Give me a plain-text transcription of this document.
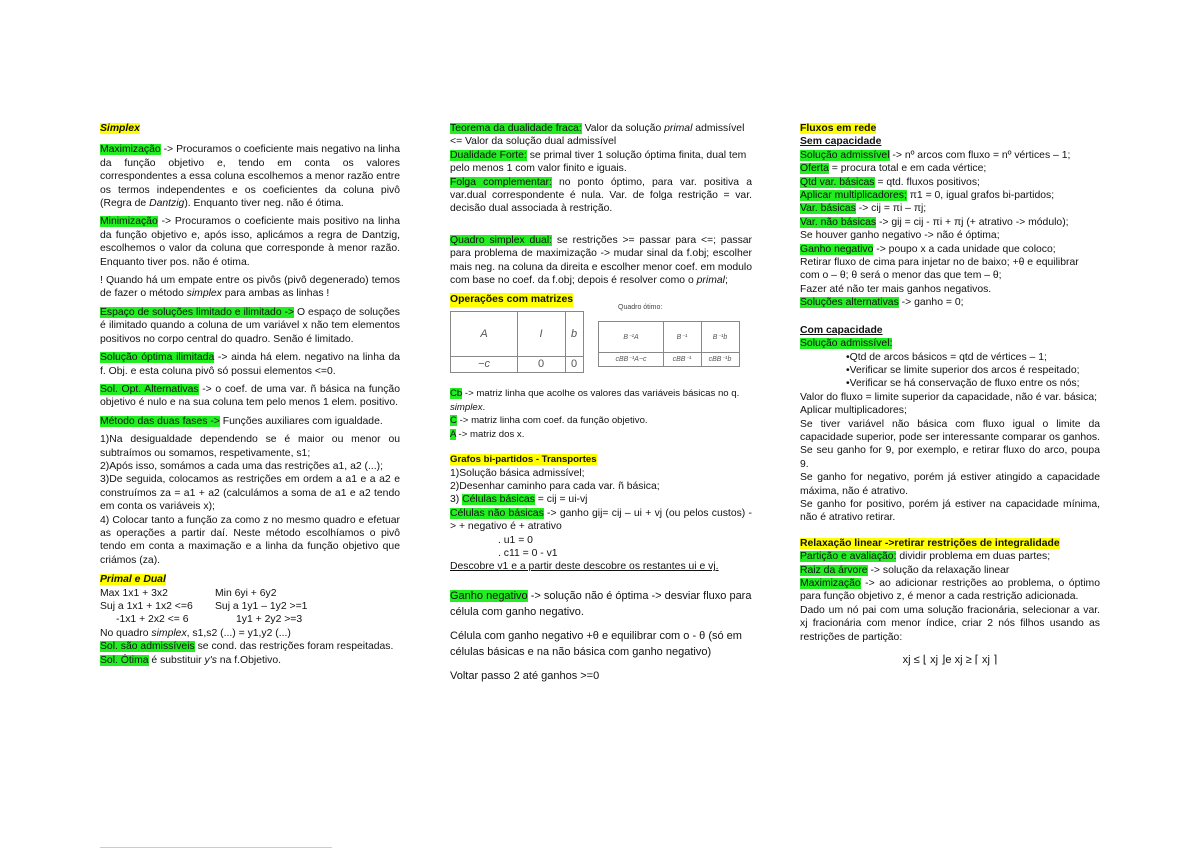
Simplex

Maximização -> Procuramos o coeficiente mais negativo na linha da função objetivo e, tendo em conta os valores correspondentes a essa coluna escolhemos a menor razão entre os termos independentes e os coeficientes da coluna pivô (Regra de Dantzig). Enquanto tiver neg. não é ótima.

Minimização -> Procuramos o coeficiente mais positivo na linha da função objetivo e, após isso, aplicámos a regra de Dantzig, escolhemos o valor da coluna que corresponde à menor razão. Enquanto tiver pos. não é otima.

! Quando há um empate entre os pivôs (pivô degenerado) temos de fazer o método simplex para ambas as linhas !

Espaço de soluções limitado e ilimitado -> O espaço de soluções é ilimitado quando a coluna de um variável x não tem elementos positivos no corpo central do quadro. Senão é limitado.

Solução óptima ilimitada -> ainda há elem. negativo na linha da f. Obj. e esta coluna pivô só possui elementos <=0.

Sol. Opt. Alternativas -> o coef. de uma var. ñ básica na função objetivo é nulo e na sua coluna tem pelo menos 1 elem. positivo.

Método das duas fases -> Funções auxiliares com igualdade.

1)Na desigualdade dependendo se é maior ou menor ou subtraímos ou somamos, respetivamente, s1;

2)Após isso, somámos a cada uma das restrições a1, a2 (...);

3)De seguida, colocamos as restrições em ordem a a1 e a a2 e construímos za = a1 + a2 (calculámos a soma de a1 e a2 tendo em conta os variáveis x);

4) Colocar tanto a função za como z no mesmo quadro e efetuar as operações a partir daí. Neste método escolhíamos o pivô tendo em conta a maximação e a linha da função objetivo que criámos (za).

Primal e Dual

Max 1x1 + 3x2	Min 6yi + 6y2
Suj a 1x1 + 1x2 <=6 Suj a 1y1 – 1y2 >=1
-1x1 + 2x2 <= 6	1y1 + 2y2 >=3

No quadro simplex, s1,s2 (...) = y1,y2 (...)

Sol. são admissíveis se cond. das restrições foram respeitadas.

Sol. Ótima é substituir y's na f.Objetivo.

Teorema da dualidade fraca: Valor da solução primal admissível <= Valor da solução dual admissível

Dualidade Forte: se primal tiver 1 solução óptima finita, dual tem pelo menos 1 com valor finito e iguais.

Folga complementar: no ponto óptimo, para var. positiva a var.dual correspondente é nula. Var. de folga restrição = var. decisão dual associada à restrição.

Quadro simplex dual: se restrições >= passar para <=; passar para problema de maximização -> mudar sinal da f.obj; escolher mais neg. na coluna da direita e escolher menor coef. em modulo com base no coef. da f.obj; depois é resolver como o primal;

Operações com matrizes
A	I	b
−c	0	0
Quadro ótimo:
B⁻¹A	B⁻¹	B⁻¹b
cBB⁻¹A−c	cBB⁻¹	cBB⁻¹b
Cb -> matriz linha que acolhe os valores das variáveis básicas no q. simplex.
C -> matriz linha com coef. da função objetivo.
A -> matriz dos x.

Grafos bi-partidos - Transportes

1)Solução básica admissível;
2)Desenhar caminho para cada var. ñ básica;
3) Células básicas = cij = ui-vj
Células não básicas -> ganho gij= cij – ui + vj (ou pelos custos) -> + negativo é + atrativo
. u1 = 0
. c11 = 0 - v1
Descobre v1 e a partir deste descobre os restantes ui e vj.

Ganho negativo -> solução não é óptima -> desviar fluxo para célula com ganho negativo.

Célula com ganho negativo +θ e equilibrar com o - θ (só em células básicas e na não básica com ganho negativo)

Voltar passo 2 até ganhos >=0

Fluxos em rede
Sem capacidade
Solução admissível -> nº arcos com fluxo = nº vértices – 1;
Oferta = procura total e em cada vértice;
Qtd var. básicas = qtd. fluxos positivos;
Aplicar multiplicadores; π1 = 0, igual grafos bi-partidos;
Var. básicas -> cij = πi – πj;
Var. não básicas -> gij = cij - πi + πj (+ atrativo -> módulo);
Se houver ganho negativo -> não é óptima;
Ganho negativo -> poupo x a cada unidade que coloco;
Retirar fluxo de cima para injetar no de baixo; +θ e equilibrar com o – θ; θ será o menor das que tem – θ;
Fazer até não ter mais ganhos negativos.
Soluções alternativas -> ganho = 0;
Com capacidade
Solução admissível:
•Qtd de arcos básicos = qtd de vértices – 1;
•Verificar se limite superior dos arcos é respeitado;
•Verificar se há conservação de fluxo entre os nós;
Valor do fluxo = limite superior da capacidade, não é var. básica;
Aplicar multiplicadores;
Se tiver variável não básica com fluxo igual o limite da capacidade superior, pode ser interessante comparar os ganhos. Se seu ganho for 9, por exemplo, e retirar fluxo do arco, poupa 9.
Se ganho for negativo, porém já estiver atingido a capacidade máxima, não é atrativo.
Se ganho for positivo, porém já estiver na capacidade mínima, não é atrativo retirar.
Relaxação linear ->retirar restrições de integralidade
Partição e avaliação: dividir problema em duas partes;
Raiz da árvore -> solução da relaxação linear
Maximização -> ao adicionar restrições ao problema, o óptimo para função objetivo z, é menor a cada restrição adicionada.
Dado um nó pai com uma solução fracionária, selecionar a var. xj fracionária com menor índice, criar 2 nós filhos usando as restrições de partição:
xj ≤ ⌊ xj ⌋e xj ≥ ⌈ xj ⌉
